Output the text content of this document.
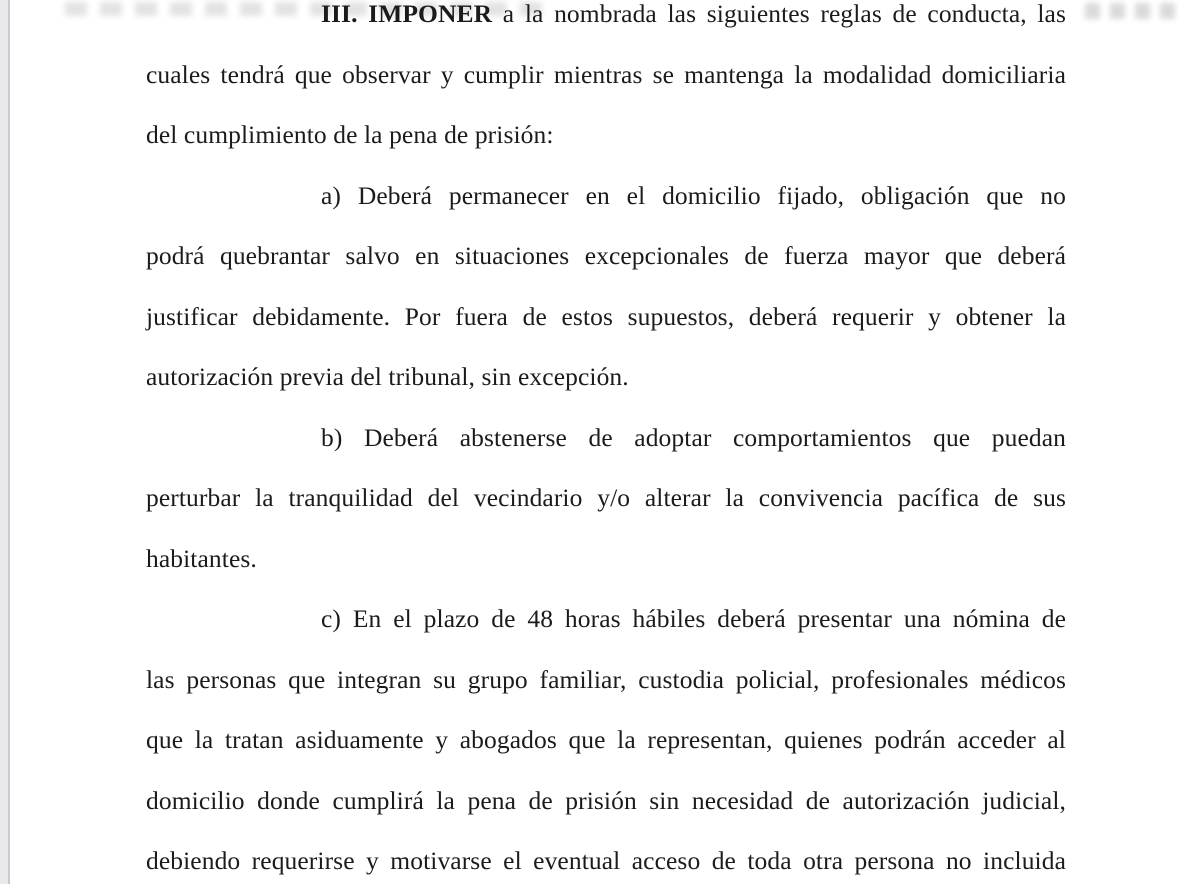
III. IMPONER a la nombrada las siguientes reglas de conducta, las
cuales tendrá que observar y cumplir mientras se mantenga la modalidad domiciliaria
del cumplimiento de la pena de prisión:
a) Deberá permanecer en el domicilio fijado, obligación que no
podrá quebrantar salvo en situaciones excepcionales de fuerza mayor que deberá
justificar debidamente. Por fuera de estos supuestos, deberá requerir y obtener la
autorización previa del tribunal, sin excepción.
b) Deberá abstenerse de adoptar comportamientos que puedan
perturbar la tranquilidad del vecindario y/o alterar la convivencia pacífica de sus
habitantes.
c) En el plazo de 48 horas hábiles deberá presentar una nómina de
las personas que integran su grupo familiar, custodia policial, profesionales médicos
que la tratan asiduamente y abogados que la representan, quienes podrán acceder al
domicilio donde cumplirá la pena de prisión sin necesidad de autorización judicial,
debiendo requerirse y motivarse el eventual acceso de toda otra persona no incluida
